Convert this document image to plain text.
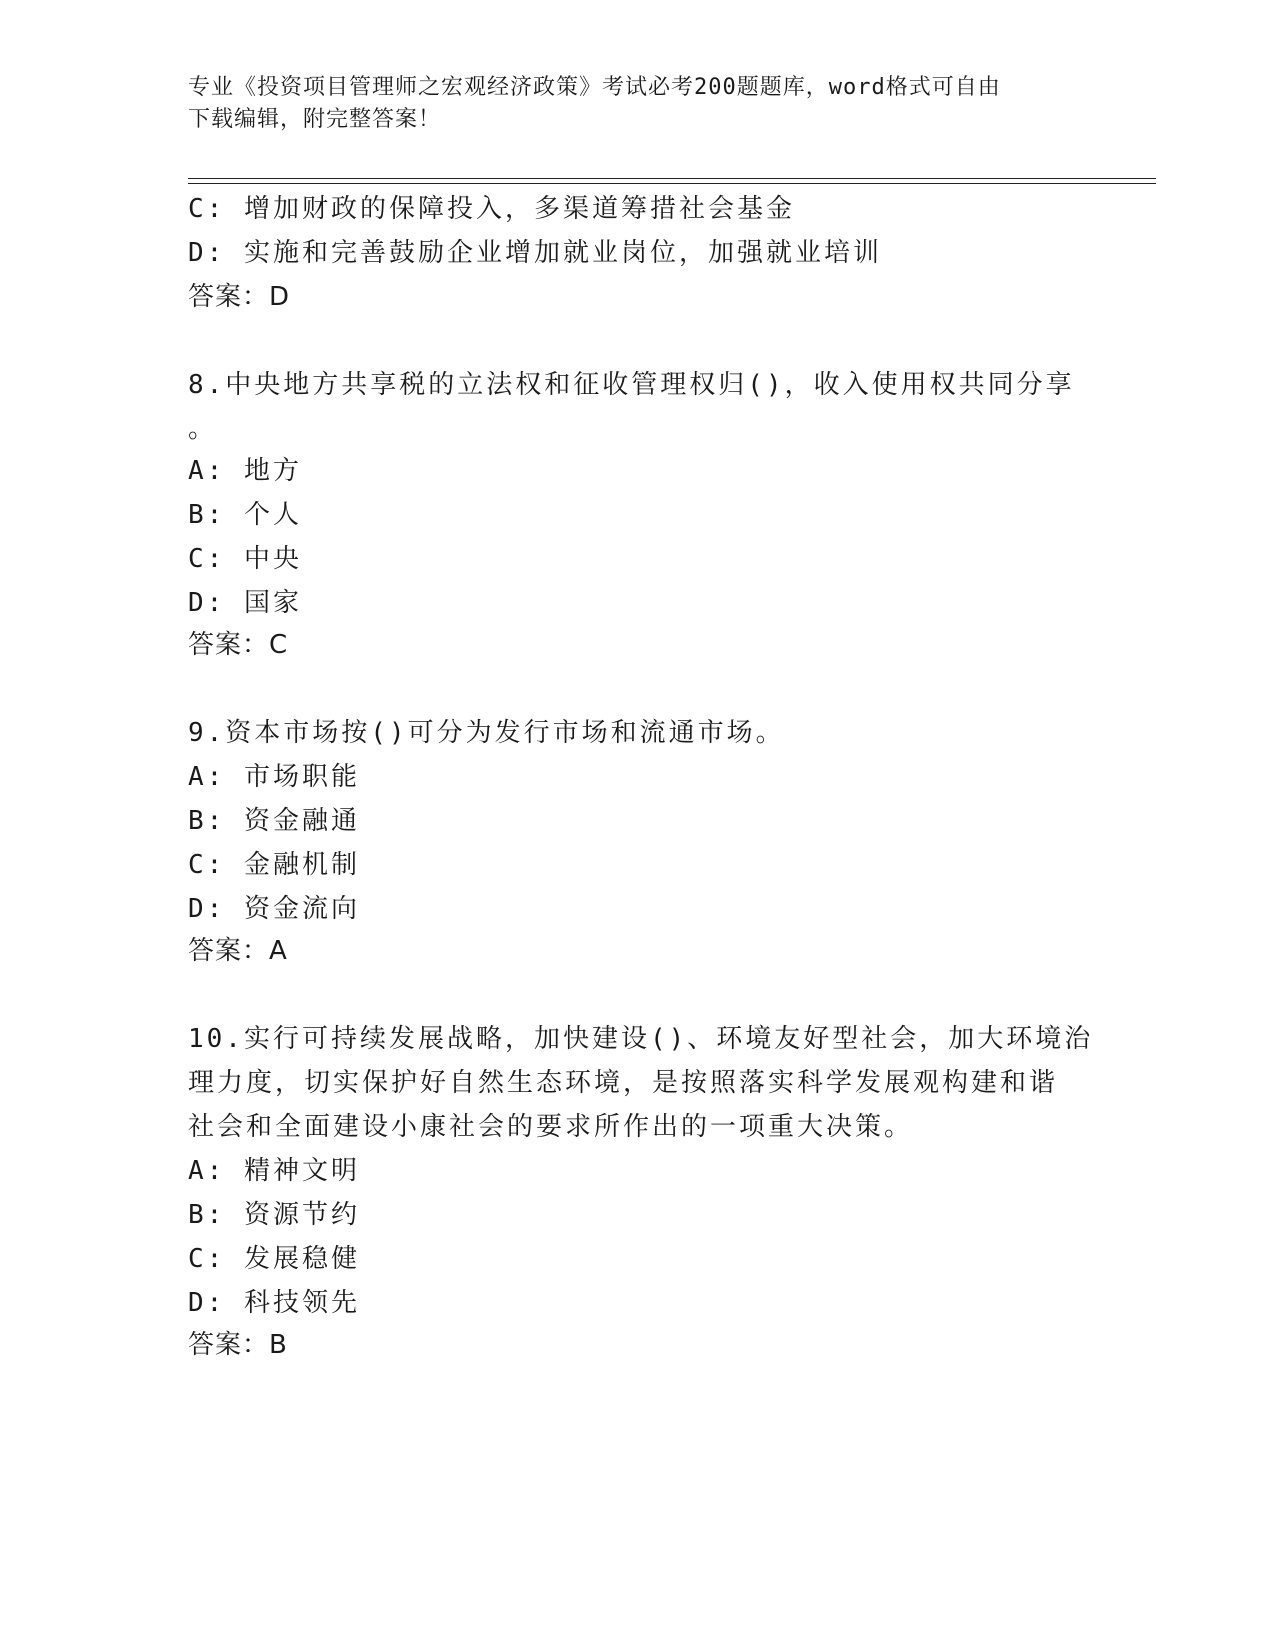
专业《投资项目管理师之宏观经济政策》考试必考200题题库，word格式可自由
下载编辑，附完整答案！
C: 增加财政的保障投入，多渠道筹措社会基金
D: 实施和完善鼓励企业增加就业岗位，加强就业培训
答案：D
8.中央地方共享税的立法权和征收管理权归()，收入使用权共同分享
。
A: 地方
B: 个人
C: 中央
D: 国家
答案：C
9.资本市场按()可分为发行市场和流通市场。
A: 市场职能
B: 资金融通
C: 金融机制
D: 资金流向
答案：A
10.实行可持续发展战略，加快建设()、环境友好型社会，加大环境治
理力度，切实保护好自然生态环境，是按照落实科学发展观构建和谐
社会和全面建设小康社会的要求所作出的一项重大决策。
A: 精神文明
B: 资源节约
C: 发展稳健
D: 科技领先
答案：B
